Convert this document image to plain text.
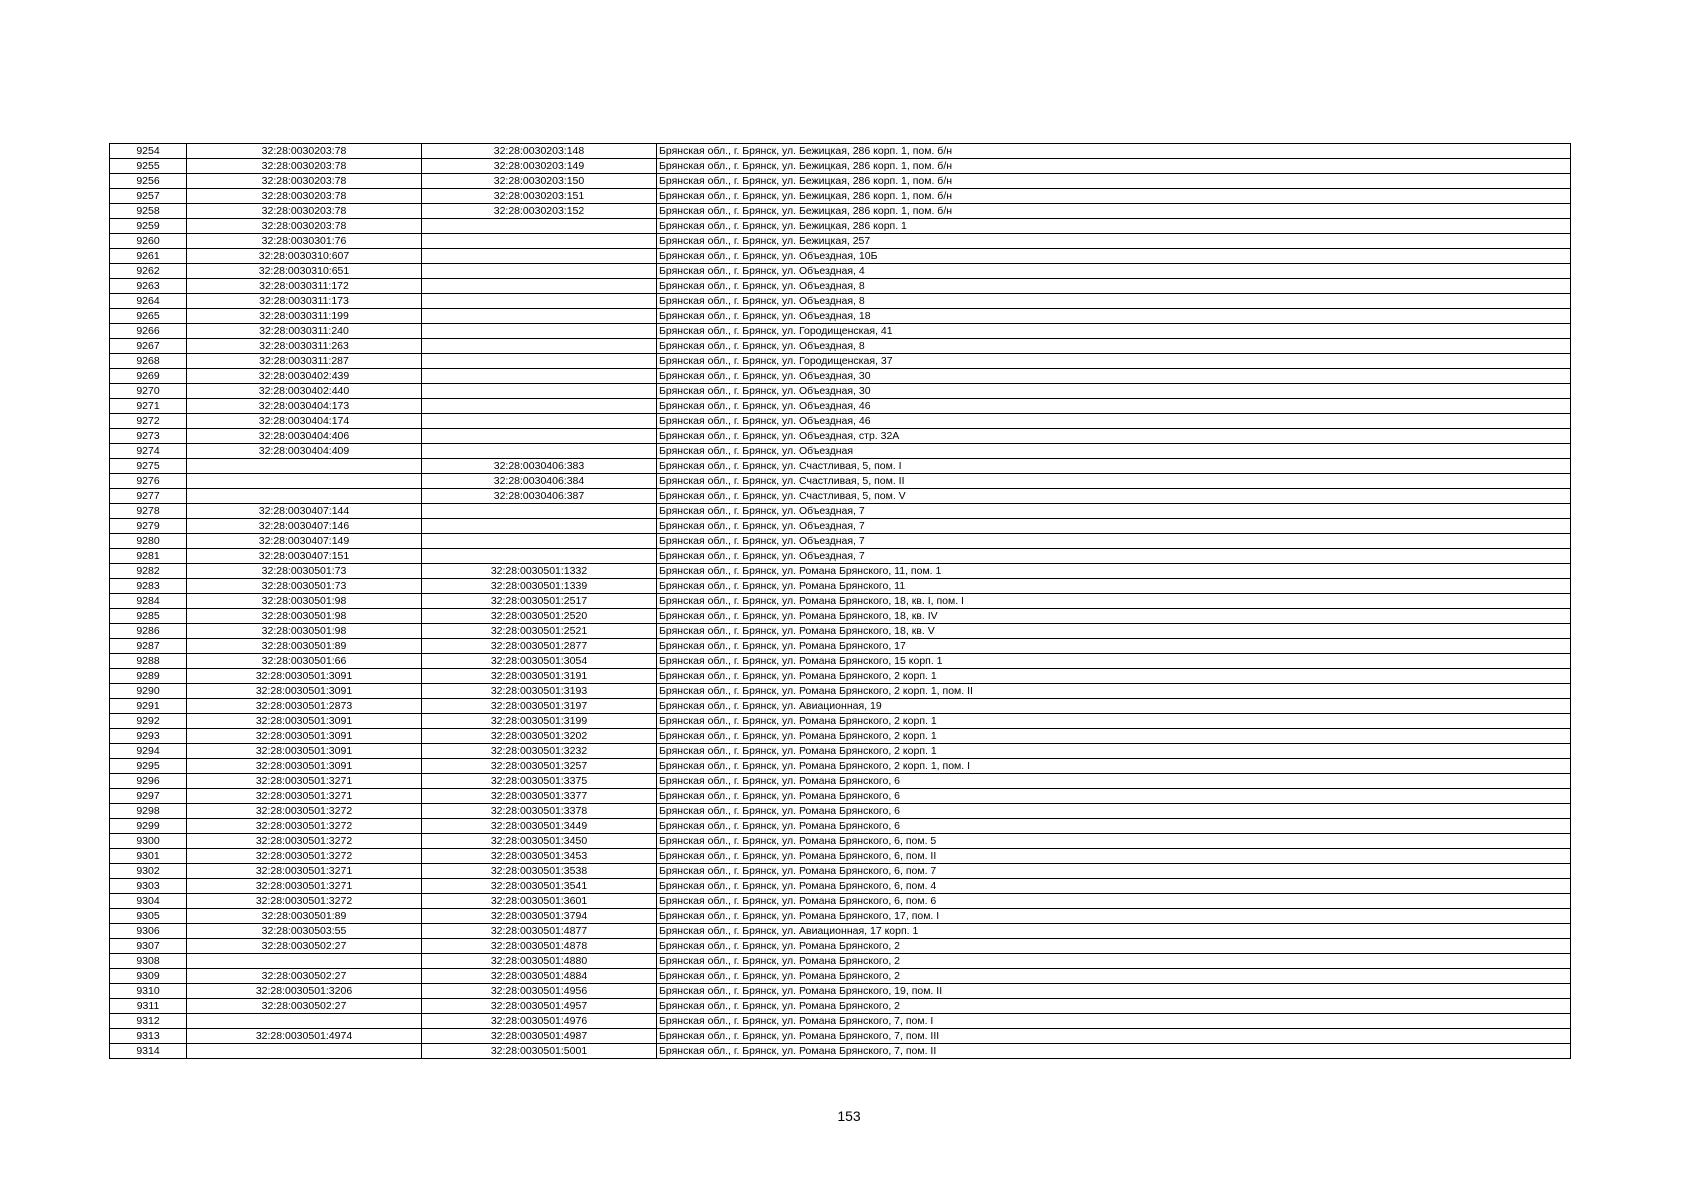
9254	32:28:0030203:78	32:28:0030203:148	Брянская обл., г. Брянск, ул. Бежицкая, 286 корп. 1, пом. б/н
9255	32:28:0030203:78	32:28:0030203:149	Брянская обл., г. Брянск, ул. Бежицкая, 286 корп. 1, пом. б/н
9256	32:28:0030203:78	32:28:0030203:150	Брянская обл., г. Брянск, ул. Бежицкая, 286 корп. 1, пом. б/н
9257	32:28:0030203:78	32:28:0030203:151	Брянская обл., г. Брянск, ул. Бежицкая, 286 корп. 1, пом. б/н
9258	32:28:0030203:78	32:28:0030203:152	Брянская обл., г. Брянск, ул. Бежицкая, 286 корп. 1, пом. б/н
9259	32:28:0030203:78		Брянская обл., г. Брянск, ул. Бежицкая, 286 корп. 1
9260	32:28:0030301:76		Брянская обл., г. Брянск, ул. Бежицкая, 257
9261	32:28:0030310:607		Брянская обл., г. Брянск, ул. Объездная, 10Б
9262	32:28:0030310:651		Брянская обл., г. Брянск, ул. Объездная, 4
9263	32:28:0030311:172		Брянская обл., г. Брянск, ул. Объездная, 8
9264	32:28:0030311:173		Брянская обл., г. Брянск, ул. Объездная, 8
9265	32:28:0030311:199		Брянская обл., г. Брянск, ул. Объездная, 18
9266	32:28:0030311:240		Брянская обл., г. Брянск, ул. Городищенская, 41
9267	32:28:0030311:263		Брянская обл., г. Брянск, ул. Объездная, 8
9268	32:28:0030311:287		Брянская обл., г. Брянск, ул. Городищенская, 37
9269	32:28:0030402:439		Брянская обл., г. Брянск, ул. Объездная, 30
9270	32:28:0030402:440		Брянская обл., г. Брянск, ул. Объездная, 30
9271	32:28:0030404:173		Брянская обл., г. Брянск, ул. Объездная, 46
9272	32:28:0030404:174		Брянская обл., г. Брянск, ул. Объездная, 46
9273	32:28:0030404:406		Брянская обл., г. Брянск, ул. Объездная, стр. 32А
9274	32:28:0030404:409		Брянская обл., г. Брянск, ул. Объездная
9275		32:28:0030406:383	Брянская обл., г. Брянск, ул. Счастливая, 5, пом. I
9276		32:28:0030406:384	Брянская обл., г. Брянск, ул. Счастливая, 5, пом. II
9277		32:28:0030406:387	Брянская обл., г. Брянск, ул. Счастливая, 5, пом. V
9278	32:28:0030407:144		Брянская обл., г. Брянск, ул. Объездная, 7
9279	32:28:0030407:146		Брянская обл., г. Брянск, ул. Объездная, 7
9280	32:28:0030407:149		Брянская обл., г. Брянск, ул. Объездная, 7
9281	32:28:0030407:151		Брянская обл., г. Брянск, ул. Объездная, 7
9282	32:28:0030501:73	32:28:0030501:1332	Брянская обл., г. Брянск, ул. Романа Брянского, 11, пом. 1
9283	32:28:0030501:73	32:28:0030501:1339	Брянская обл., г. Брянск, ул. Романа Брянского, 11
9284	32:28:0030501:98	32:28:0030501:2517	Брянская обл., г. Брянск, ул. Романа Брянского, 18, кв. I, пом. I
9285	32:28:0030501:98	32:28:0030501:2520	Брянская обл., г. Брянск, ул. Романа Брянского, 18, кв. IV
9286	32:28:0030501:98	32:28:0030501:2521	Брянская обл., г. Брянск, ул. Романа Брянского, 18, кв. V
9287	32:28:0030501:89	32:28:0030501:2877	Брянская обл., г. Брянск, ул. Романа Брянского, 17
9288	32:28:0030501:66	32:28:0030501:3054	Брянская обл., г. Брянск, ул. Романа Брянского, 15 корп. 1
9289	32:28:0030501:3091	32:28:0030501:3191	Брянская обл., г. Брянск, ул. Романа Брянского, 2 корп. 1
9290	32:28:0030501:3091	32:28:0030501:3193	Брянская обл., г. Брянск, ул. Романа Брянского, 2 корп. 1, пом. II
9291	32:28:0030501:2873	32:28:0030501:3197	Брянская обл., г. Брянск, ул. Авиационная, 19
9292	32:28:0030501:3091	32:28:0030501:3199	Брянская обл., г. Брянск, ул. Романа Брянского, 2 корп. 1
9293	32:28:0030501:3091	32:28:0030501:3202	Брянская обл., г. Брянск, ул. Романа Брянского, 2 корп. 1
9294	32:28:0030501:3091	32:28:0030501:3232	Брянская обл., г. Брянск, ул. Романа Брянского, 2 корп. 1
9295	32:28:0030501:3091	32:28:0030501:3257	Брянская обл., г. Брянск, ул. Романа Брянского, 2 корп. 1, пом. I
9296	32:28:0030501:3271	32:28:0030501:3375	Брянская обл., г. Брянск, ул. Романа Брянского, 6
9297	32:28:0030501:3271	32:28:0030501:3377	Брянская обл., г. Брянск, ул. Романа Брянского, 6
9298	32:28:0030501:3272	32:28:0030501:3378	Брянская обл., г. Брянск, ул. Романа Брянского, 6
9299	32:28:0030501:3272	32:28:0030501:3449	Брянская обл., г. Брянск, ул. Романа Брянского, 6
9300	32:28:0030501:3272	32:28:0030501:3450	Брянская обл., г. Брянск, ул. Романа Брянского, 6, пом. 5
9301	32:28:0030501:3272	32:28:0030501:3453	Брянская обл., г. Брянск, ул. Романа Брянского, 6, пом. II
9302	32:28:0030501:3271	32:28:0030501:3538	Брянская обл., г. Брянск, ул. Романа Брянского, 6, пом. 7
9303	32:28:0030501:3271	32:28:0030501:3541	Брянская обл., г. Брянск, ул. Романа Брянского, 6, пом. 4
9304	32:28:0030501:3272	32:28:0030501:3601	Брянская обл., г. Брянск, ул. Романа Брянского, 6, пом. 6
9305	32:28:0030501:89	32:28:0030501:3794	Брянская обл., г. Брянск, ул. Романа Брянского, 17, пом. I
9306	32:28:0030503:55	32:28:0030501:4877	Брянская обл., г. Брянск, ул. Авиационная, 17 корп. 1
9307	32:28:0030502:27	32:28:0030501:4878	Брянская обл., г. Брянск, ул. Романа Брянского, 2
9308		32:28:0030501:4880	Брянская обл., г. Брянск, ул. Романа Брянского, 2
9309	32:28:0030502:27	32:28:0030501:4884	Брянская обл., г. Брянск, ул. Романа Брянского, 2
9310	32:28:0030501:3206	32:28:0030501:4956	Брянская обл., г. Брянск, ул. Романа Брянского, 19, пом. II
9311	32:28:0030502:27	32:28:0030501:4957	Брянская обл., г. Брянск, ул. Романа Брянского, 2
9312		32:28:0030501:4976	Брянская обл., г. Брянск, ул. Романа Брянского, 7, пом. I
9313	32:28:0030501:4974	32:28:0030501:4987	Брянская обл., г. Брянск, ул. Романа Брянского, 7, пом. III
9314		32:28:0030501:5001	Брянская обл., г. Брянск, ул. Романа Брянского, 7, пом. II
153
